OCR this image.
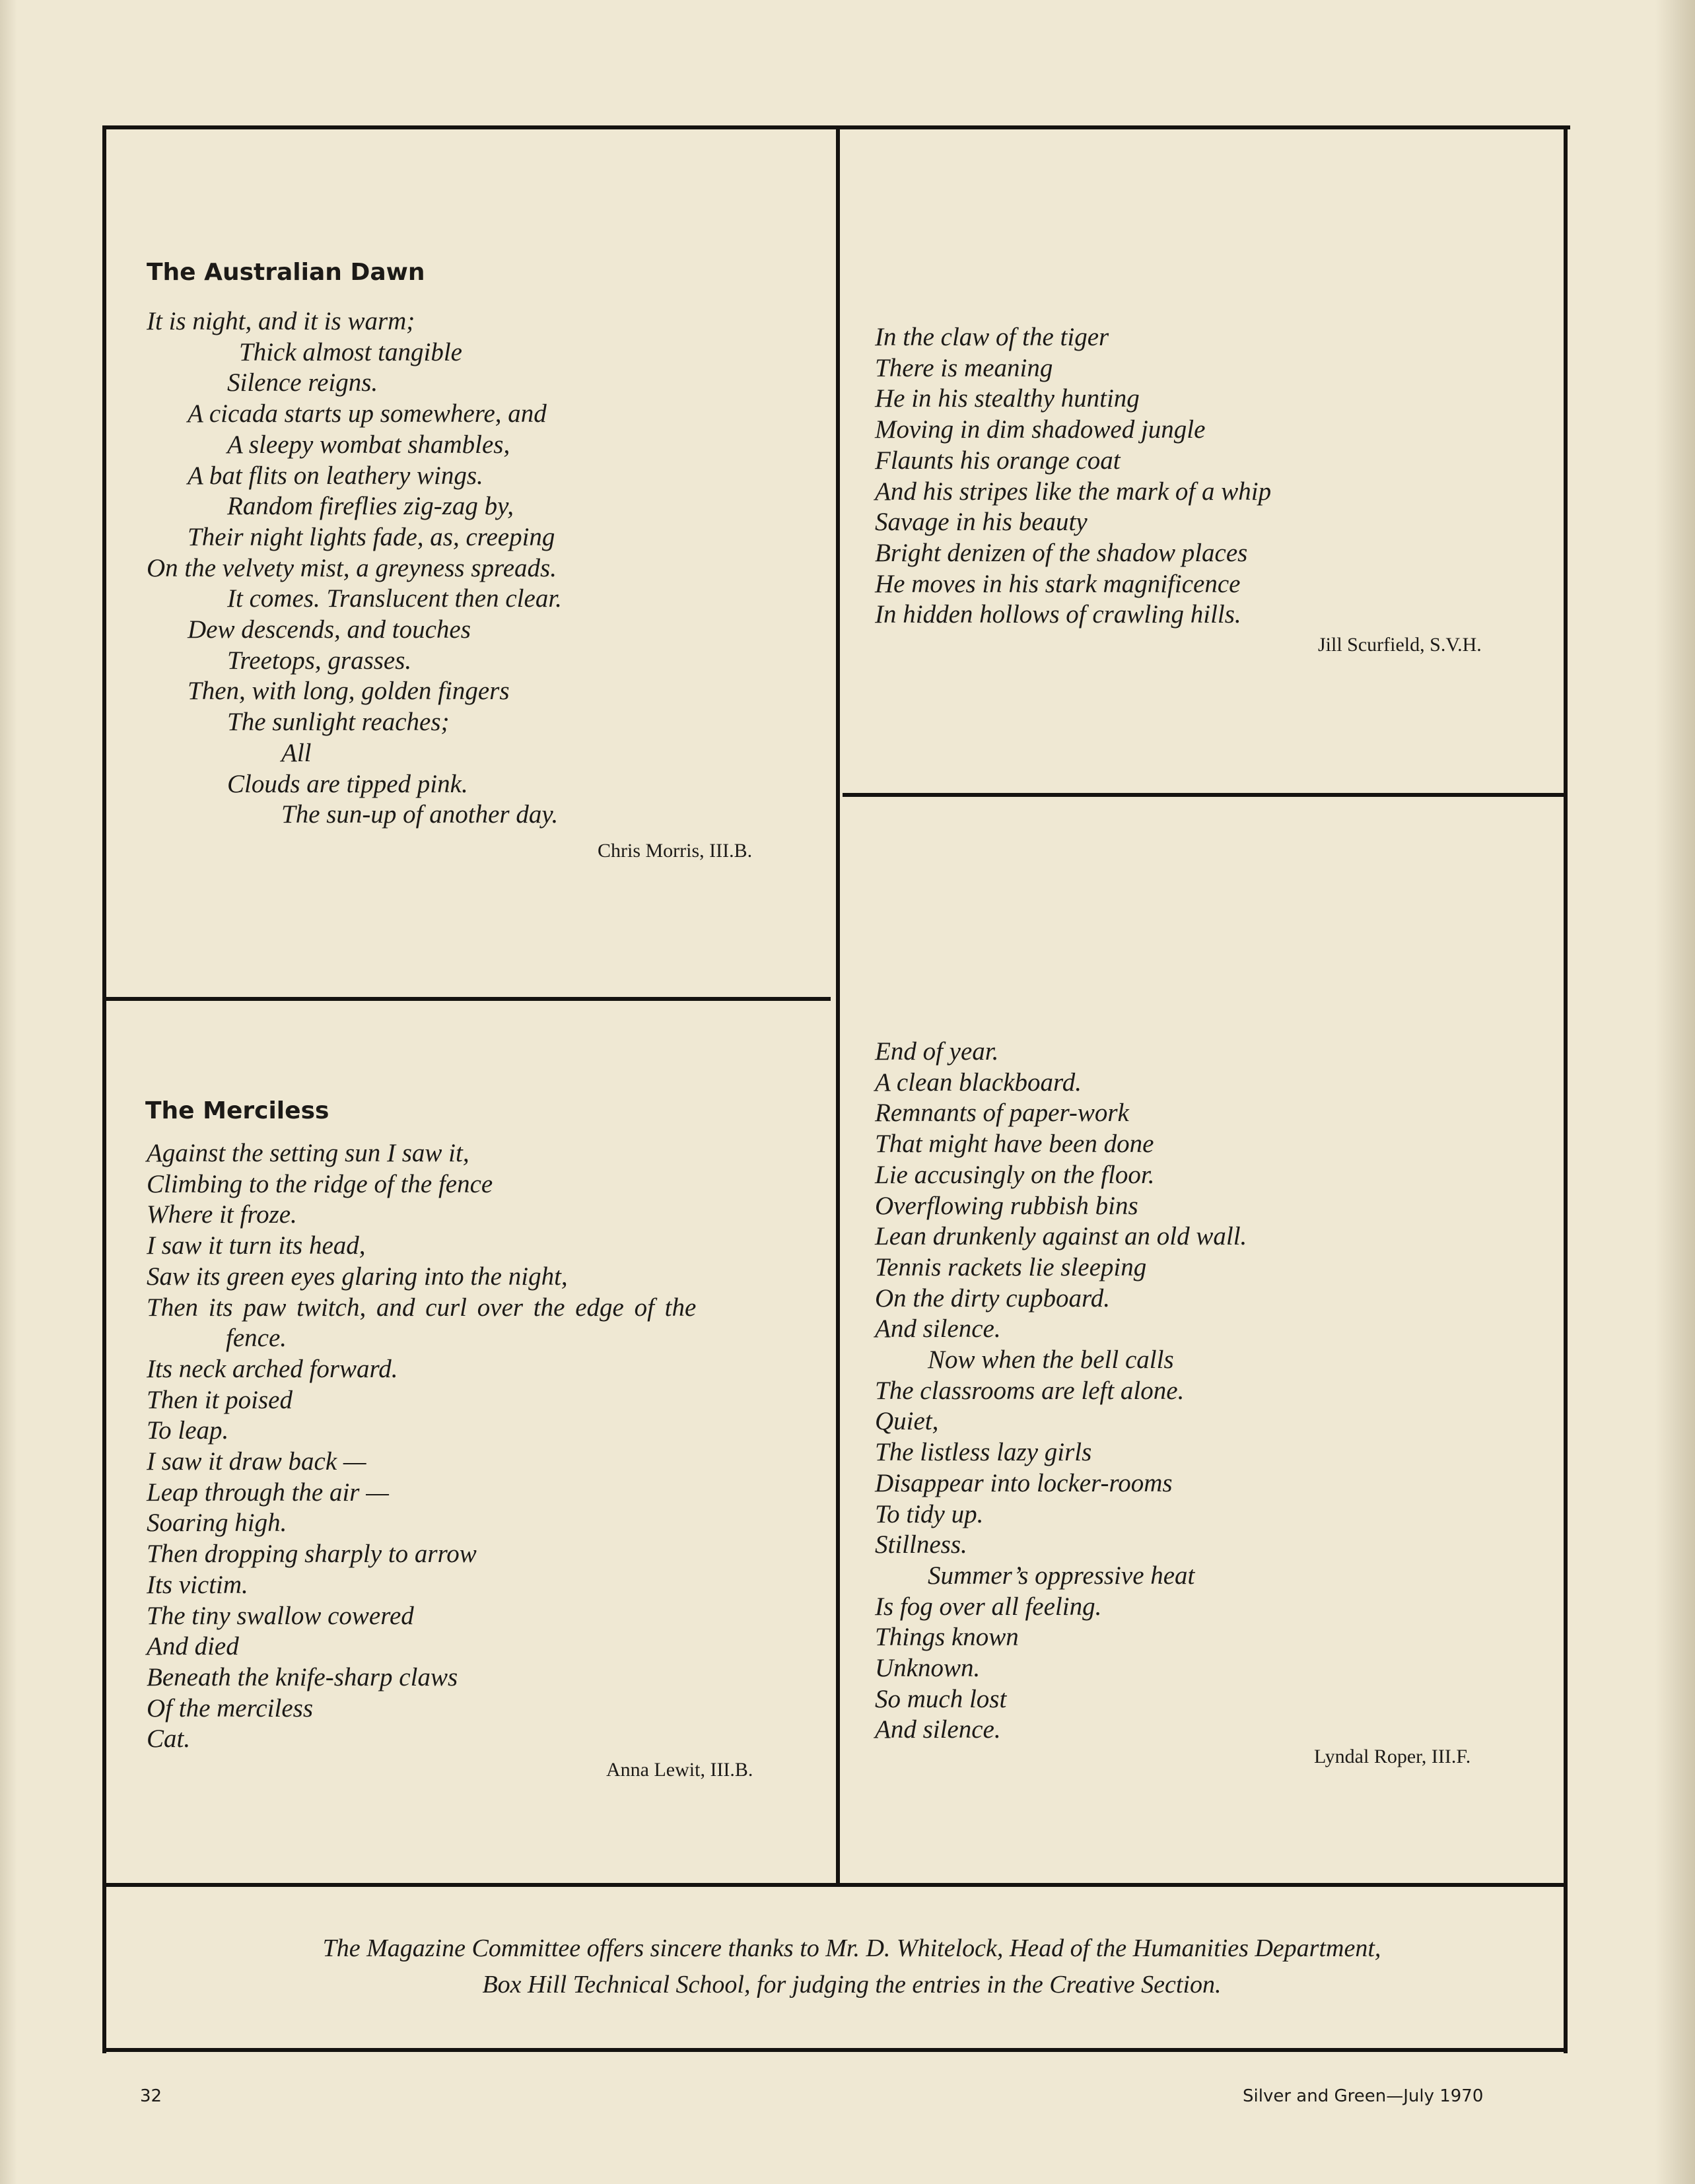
The Australian Dawn
It is night, and it is warm;
Thick almost tangible
Silence reigns.
A cicada starts up somewhere, and
A sleepy wombat shambles,
A bat flits on leathery wings.
Random fireflies zig-zag by,
Their night lights fade, as, creeping
On the velvety mist, a greyness spreads.
It comes. Translucent then clear.
Dew descends, and touches
Treetops, grasses.
Then, with long, golden fingers
The sunlight reaches;
All
Clouds are tipped pink.
The sun-up of another day.
Chris Morris, III.B.
In the claw of the tiger
There is meaning
He in his stealthy hunting
Moving in dim shadowed jungle
Flaunts his orange coat
And his stripes like the mark of a whip
Savage in his beauty
Bright denizen of the shadow places
He moves in his stark magnificence
In hidden hollows of crawling hills.
Jill Scurfield, S.V.H.
The Merciless
Against the setting sun I saw it,
Climbing to the ridge of the fence
Where it froze.
I saw it turn its head,
Saw its green eyes glaring into the night,
Then its paw twitch, and curl over the edge of the
fence.
Its neck arched forward.
Then it poised
To leap.
I saw it draw back —
Leap through the air —
Soaring high.
Then dropping sharply to arrow
Its victim.
The tiny swallow cowered
And died
Beneath the knife-sharp claws
Of the merciless
Cat.
Anna Lewit, III.B.
End of year.
A clean blackboard.
Remnants of paper-work
That might have been done
Lie accusingly on the floor.
Overflowing rubbish bins
Lean drunkenly against an old wall.
Tennis rackets lie sleeping
On the dirty cupboard.
And silence.
Now when the bell calls
The classrooms are left alone.
Quiet,
The listless lazy girls
Disappear into locker-rooms
To tidy up.
Stillness.
Summer’s oppressive heat
Is fog over all feeling.
Things known
Unknown.
So much lost
And silence.
Lyndal Roper, III.F.
The Magazine Committee offers sincere thanks to Mr. D. Whitelock, Head of the Humanities Department,
Box Hill Technical School, for judging the entries in the Creative Section.
32	Silver and Green—July 1970
